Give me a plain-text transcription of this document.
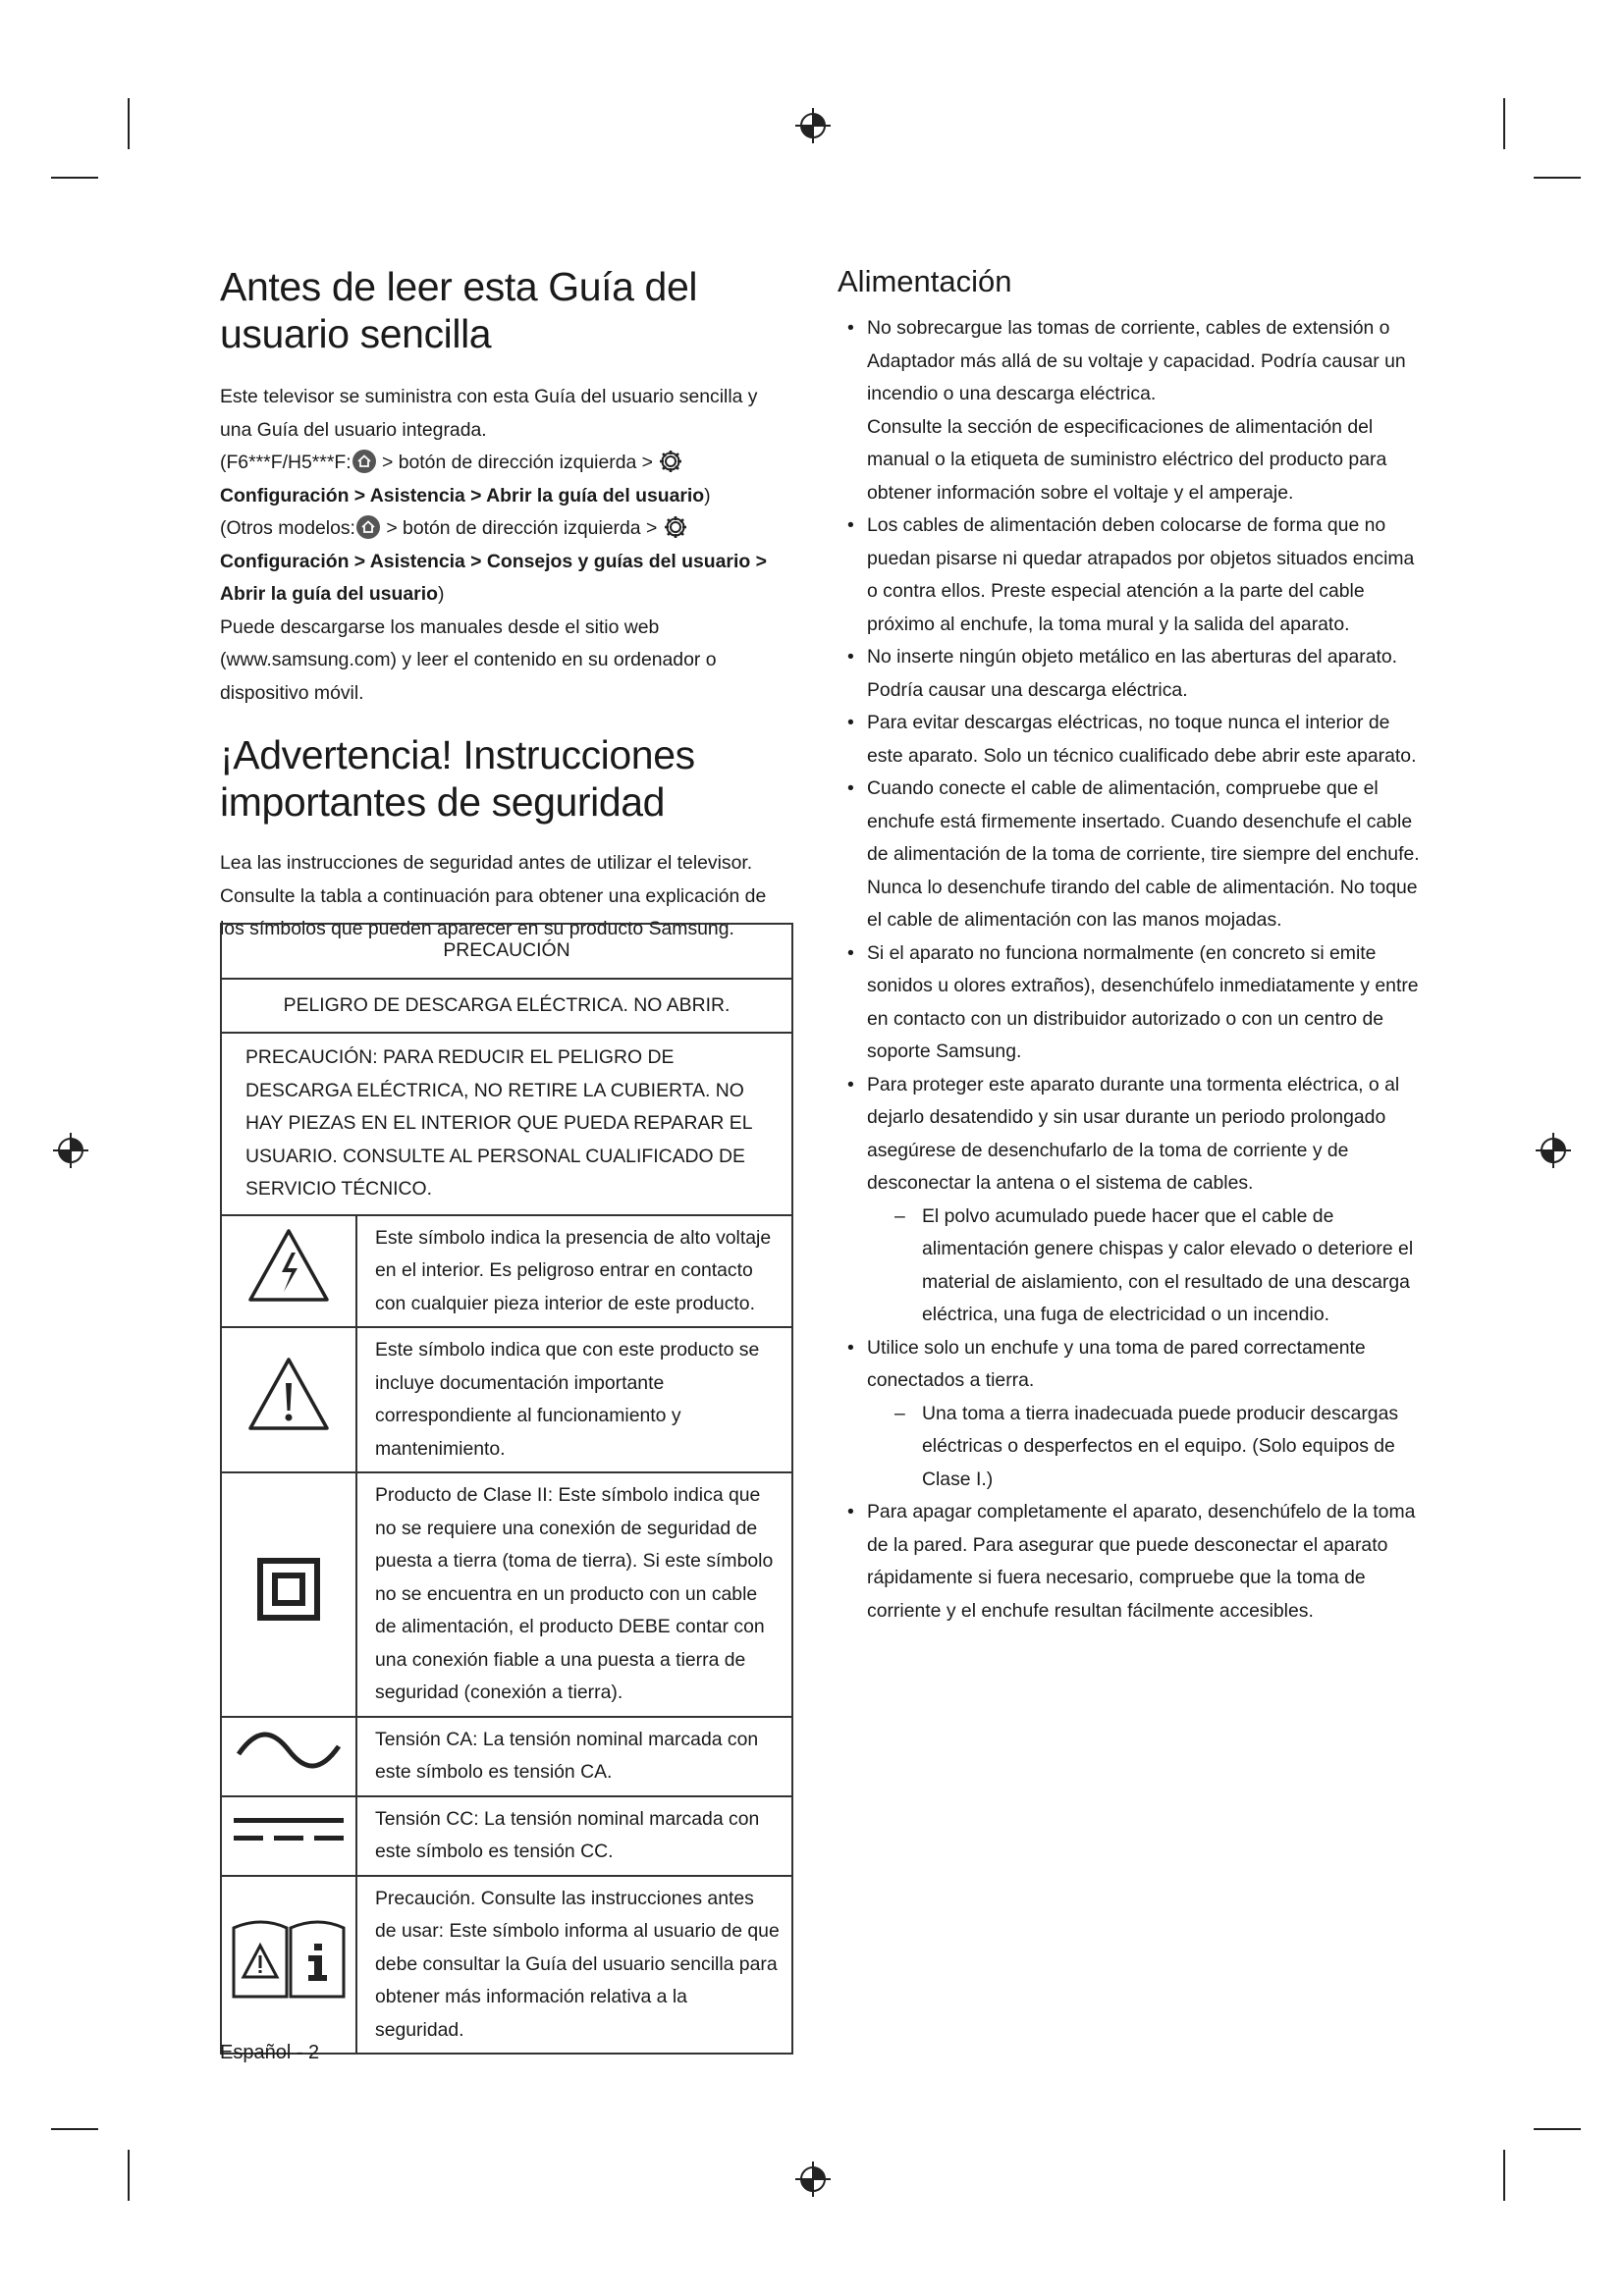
Antes de leer esta Guía del usuario sencilla

Este televisor se suministra con esta Guía del usuario sencilla y una Guía del usuario integrada.

(F6***F/H5***F: > botón de dirección izquierda >
Configuración > Asistencia > Abrir la guía del usuario)

(Otros modelos: > botón de dirección izquierda >
Configuración > Asistencia > Consejos y guías del usuario > Abrir la guía del usuario)

Puede descargarse los manuales desde el sitio web (www.samsung.com) y leer el contenido en su ordenador o dispositivo móvil.

¡Advertencia! Instrucciones importantes de seguridad

Lea las instrucciones de seguridad antes de utilizar el televisor. Consulte la tabla a continuación para obtener una explicación de los símbolos que pueden aparecer en su producto Samsung.

PRECAUCIÓN	
PELIGRO DE DESCARGA ELÉCTRICA. NO ABRIR.	
PRECAUCIÓN: PARA REDUCIR EL PELIGRO DE DESCARGA ELÉCTRICA, NO RETIRE LA CUBIERTA. NO HAY PIEZAS EN EL INTERIOR QUE PUEDA REPARAR EL USUARIO. CONSULTE AL PERSONAL CUALIFICADO DE SERVICIO TÉCNICO.	
	Este símbolo indica la presencia de alto voltaje en el interior. Es peligroso entrar en contacto con cualquier pieza interior de este producto.
	Este símbolo indica que con este producto se incluye documentación importante correspondiente al funcionamiento y mantenimiento.
	Producto de Clase II: Este símbolo indica que no se requiere una conexión de seguridad de puesta a tierra (toma de tierra). Si este símbolo no se encuentra en un producto con un cable de alimentación, el producto DEBE contar con una conexión fiable a una puesta a tierra de seguridad (conexión a tierra).
	Tensión CA: La tensión nominal marcada con este símbolo es tensión CA.
	Tensión CC: La tensión nominal marcada con este símbolo es tensión CC.
	Precaución. Consulte las instrucciones antes de usar: Este símbolo informa al usuario de que debe consultar la Guía del usuario sencilla para obtener más información relativa a la seguridad.
Alimentación
• No sobrecargue las tomas de corriente, cables de extensión o Adaptador más allá de su voltaje y capacidad. Podría causar un incendio o una descarga eléctrica.
Consulte la sección de especificaciones de alimentación del manual o la etiqueta de suministro eléctrico del producto para obtener información sobre el voltaje y el amperaje.
• Los cables de alimentación deben colocarse de forma que no puedan pisarse ni quedar atrapados por objetos situados encima o contra ellos. Preste especial atención a la parte del cable próximo al enchufe, la toma mural y la salida del aparato.
• No inserte ningún objeto metálico en las aberturas del aparato. Podría causar una descarga eléctrica.
• Para evitar descargas eléctricas, no toque nunca el interior de este aparato. Solo un técnico cualificado debe abrir este aparato.
• Cuando conecte el cable de alimentación, compruebe que el enchufe está firmemente insertado. Cuando desenchufe el cable de alimentación de la toma de corriente, tire siempre del enchufe. Nunca lo desenchufe tirando del cable de alimentación. No toque el cable de alimentación con las manos mojadas.
• Si el aparato no funciona normalmente (en concreto si emite sonidos u olores extraños), desenchúfelo inmediatamente y entre en contacto con un distribuidor autorizado o con un centro de soporte Samsung.
• Para proteger este aparato durante una tormenta eléctrica, o al dejarlo desatendido y sin usar durante un periodo prolongado asegúrese de desenchufarlo de la toma de corriente y de desconectar la antena o el sistema de cables.
– El polvo acumulado puede hacer que el cable de alimentación genere chispas y calor elevado o deteriore el material de aislamiento, con el resultado de una descarga eléctrica, una fuga de electricidad o un incendio.
• Utilice solo un enchufe y una toma de pared correctamente conectados a tierra.
– Una toma a tierra inadecuada puede producir descargas eléctricas o desperfectos en el equipo. (Solo equipos de Clase I.)
• Para apagar completamente el aparato, desenchúfelo de la toma de la pared. Para asegurar que puede desconectar el aparato rápidamente si fuera necesario, compruebe que la toma de corriente y el enchufe resultan fácilmente accesibles.
Español - 2
